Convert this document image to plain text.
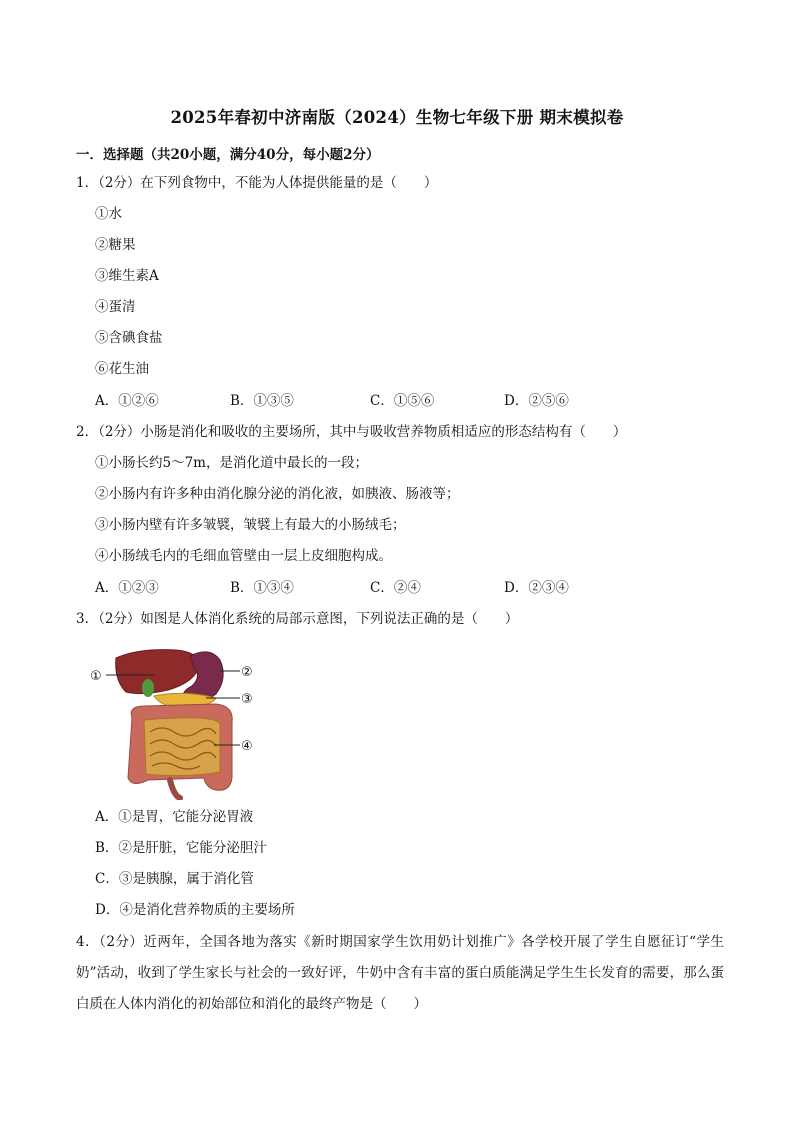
2025年春初中济南版（2024）生物七年级下册 期末模拟卷
一．选择题（共20小题，满分40分，每小题2分）
1．（2分）在下列食物中，不能为人体提供能量的是（　　）
①水
②糖果
③维生素A
④蛋清
⑤含碘食盐
⑥花生油
A．①②⑥	B．①③⑤	C．①⑤⑥	D．②⑤⑥
2．（2分）小肠是消化和吸收的主要场所，其中与吸收营养物质相适应的形态结构有（　　）
①小肠长约5～7m，是消化道中最长的一段；
②小肠内有许多种由消化腺分泌的消化液，如胰液、肠液等；
③小肠内壁有许多皱襞，皱襞上有最大的小肠绒毛；
④小肠绒毛内的毛细血管壁由一层上皮细胞构成。
A．①②③	B．①③④	C．②④	D．②③④
3．（2分）如图是人体消化系统的局部示意图，下列说法正确的是（　　）
①	②
③
④
A．①是胃，它能分泌胃液
B．②是肝脏，它能分泌胆汁
C．③是胰腺，属于消化管
D．④是消化营养物质的主要场所
4．（2分）近两年，全国各地为落实《新时期国家学生饮用奶计划推广》各学校开展了学生自愿征订“学生奶”活动，收到了学生家长与社会的一致好评，牛奶中含有丰富的蛋白质能满足学生生长发育的需要，那么蛋白质在人体内消化的初始部位和消化的最终产物是（　　）
